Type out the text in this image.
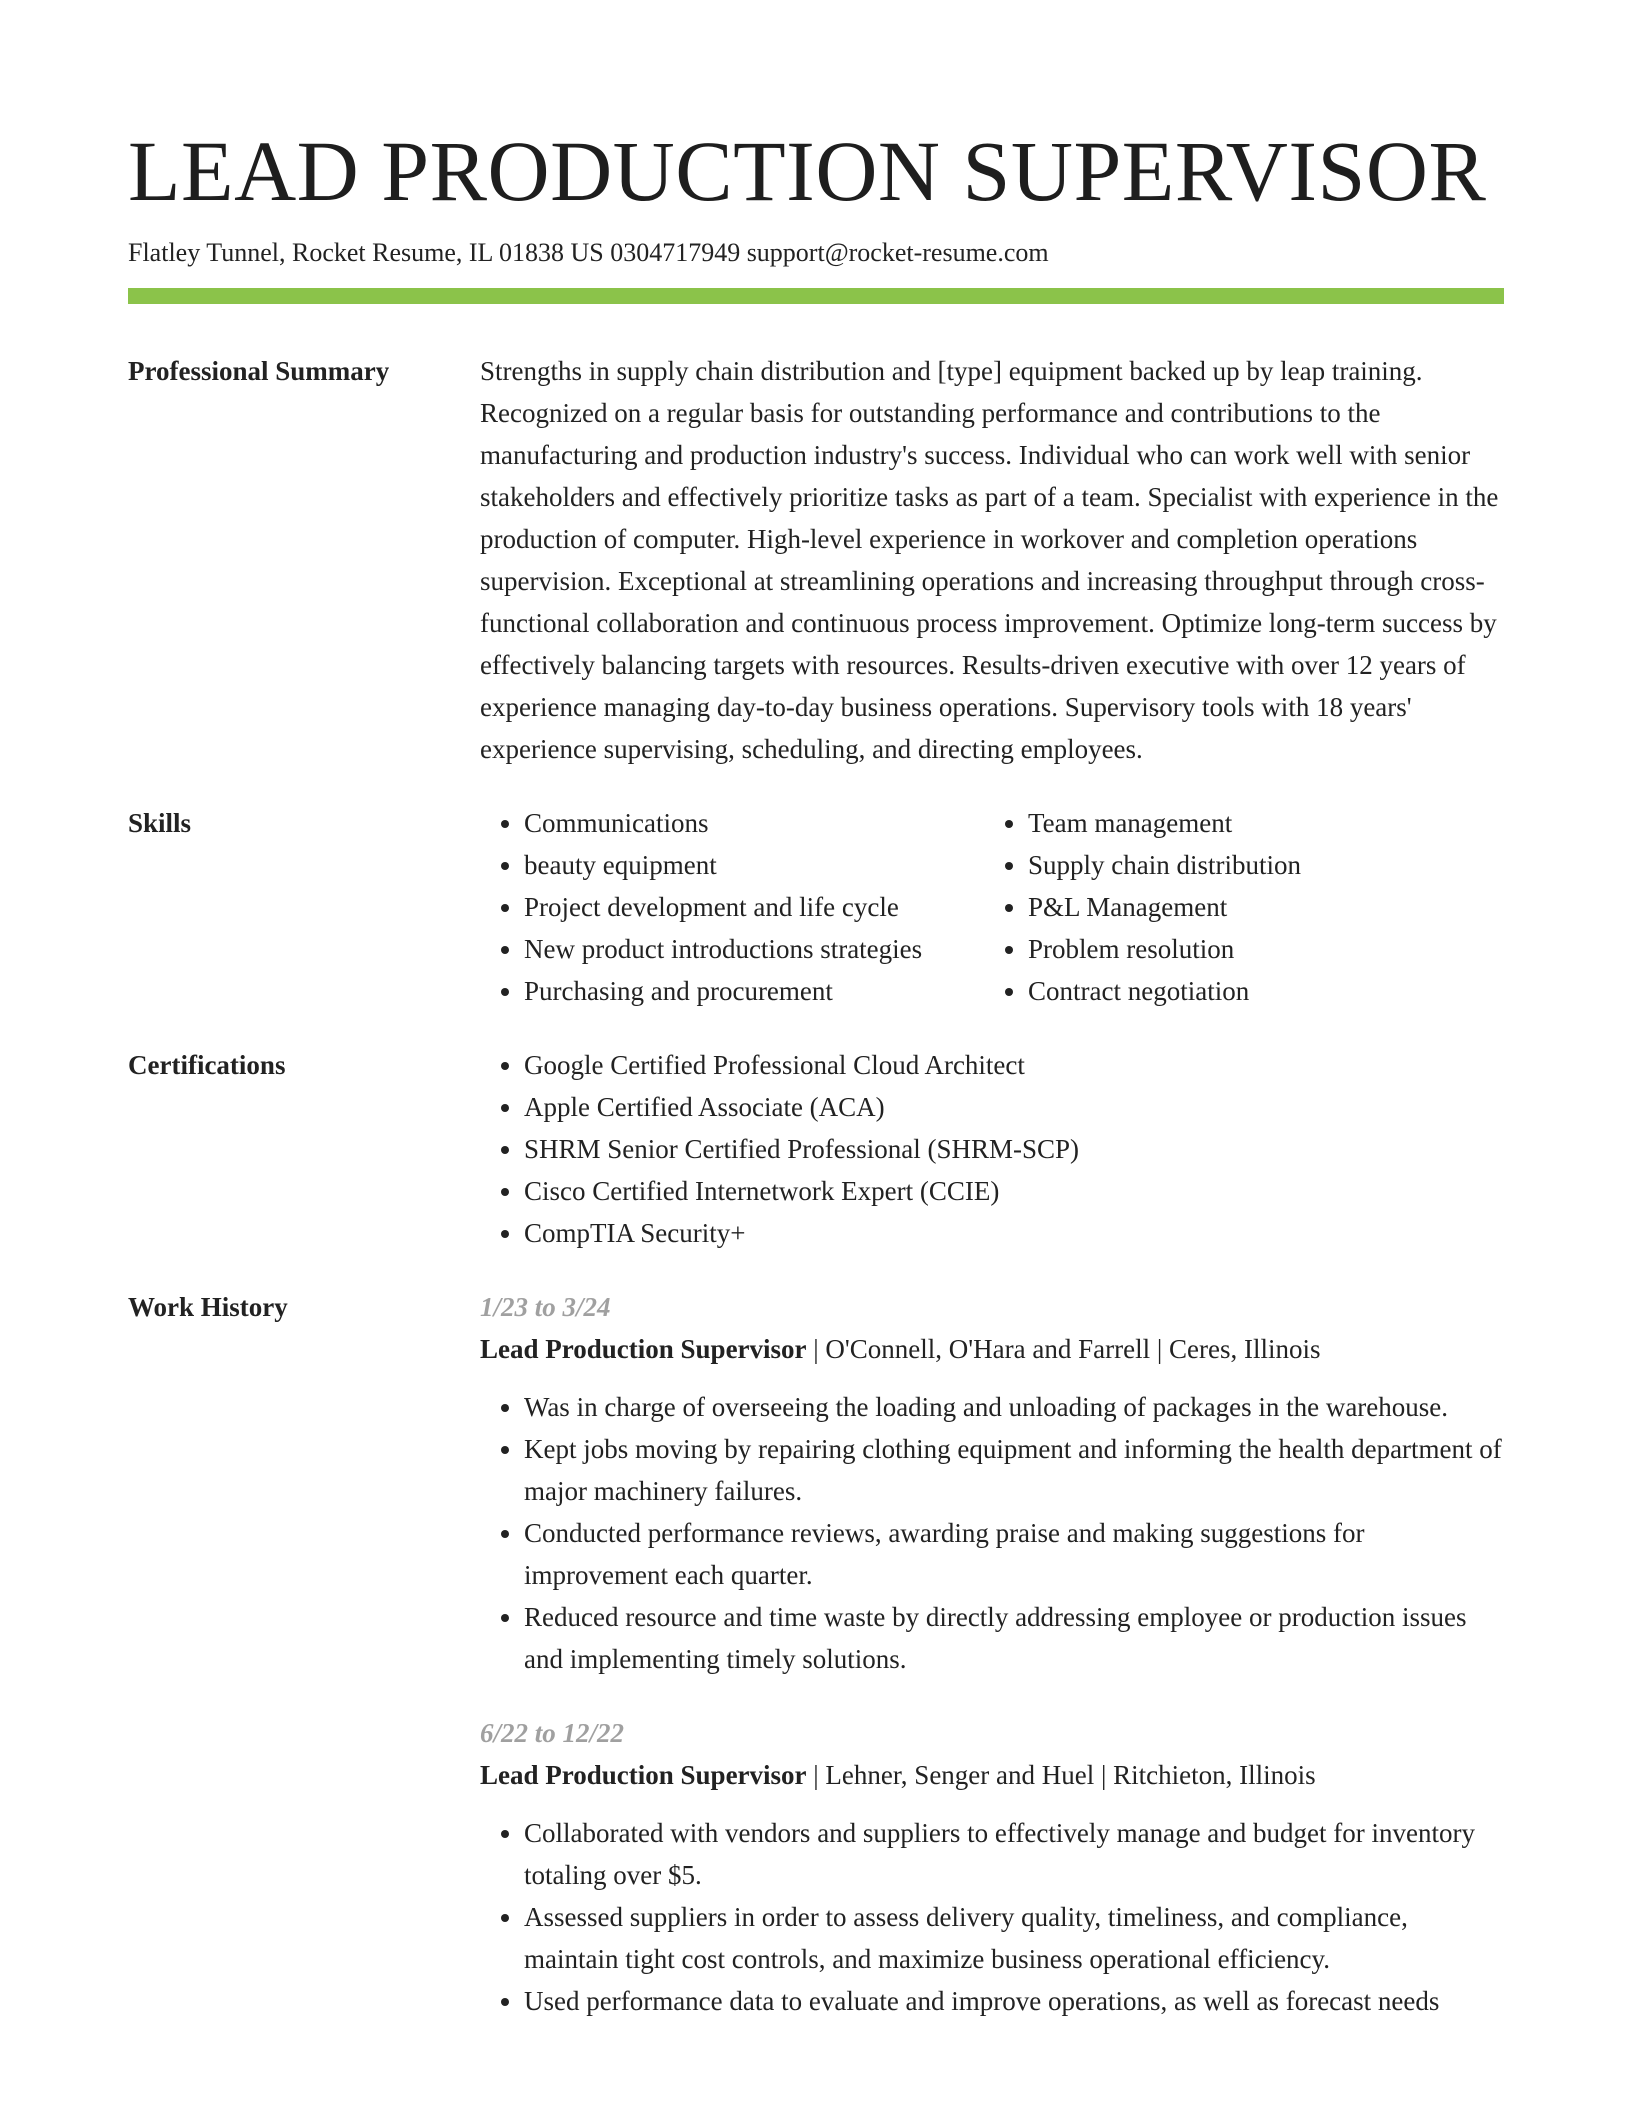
LEAD PRODUCTION SUPERVISOR
Flatley Tunnel, Rocket Resume, IL 01838 US 0304717949 support@rocket-resume.com
Professional Summary	Strengths in supply chain distribution and [type] equipment backed up by leap training. Recognized on a regular basis for outstanding performance and contributions to the manufacturing and production industry's success. Individual who can work well with senior stakeholders and effectively prioritize tasks as part of a team. Specialist with experience in the production of computer. High-level experience in workover and completion operations supervision. Exceptional at streamlining operations and increasing throughput through cross-functional collaboration and continuous process improvement. Optimize long-term success by effectively balancing targets with resources. Results-driven executive with over 12 years of experience managing day-to-day business operations. Supervisory tools with 18 years' experience supervising, scheduling, and directing employees.
Skills	• Communications
• beauty equipment
• Project development and life cycle
• New product introductions strategies
• Purchasing and procurement
• Team management
• Supply chain distribution
• P&L Management
• Problem resolution
• Contract negotiation
Certifications	• Google Certified Professional Cloud Architect
• Apple Certified Associate (ACA)
• SHRM Senior Certified Professional (SHRM-SCP)
• Cisco Certified Internetwork Expert (CCIE)
• CompTIA Security+
Work History	1/23 to 3/24
Lead Production Supervisor | O'Connell, O'Hara and Farrell | Ceres, Illinois
• Was in charge of overseeing the loading and unloading of packages in the warehouse.
• Kept jobs moving by repairing clothing equipment and informing the health department of major machinery failures.
• Conducted performance reviews, awarding praise and making suggestions for improvement each quarter.
• Reduced resource and time waste by directly addressing employee or production issues and implementing timely solutions.
6/22 to 12/22
Lead Production Supervisor | Lehner, Senger and Huel | Ritchieton, Illinois
• Collaborated with vendors and suppliers to effectively manage and budget for inventory totaling over $5.
• Assessed suppliers in order to assess delivery quality, timeliness, and compliance, maintain tight cost controls, and maximize business operational efficiency.
• Used performance data to evaluate and improve operations, as well as forecast needs
